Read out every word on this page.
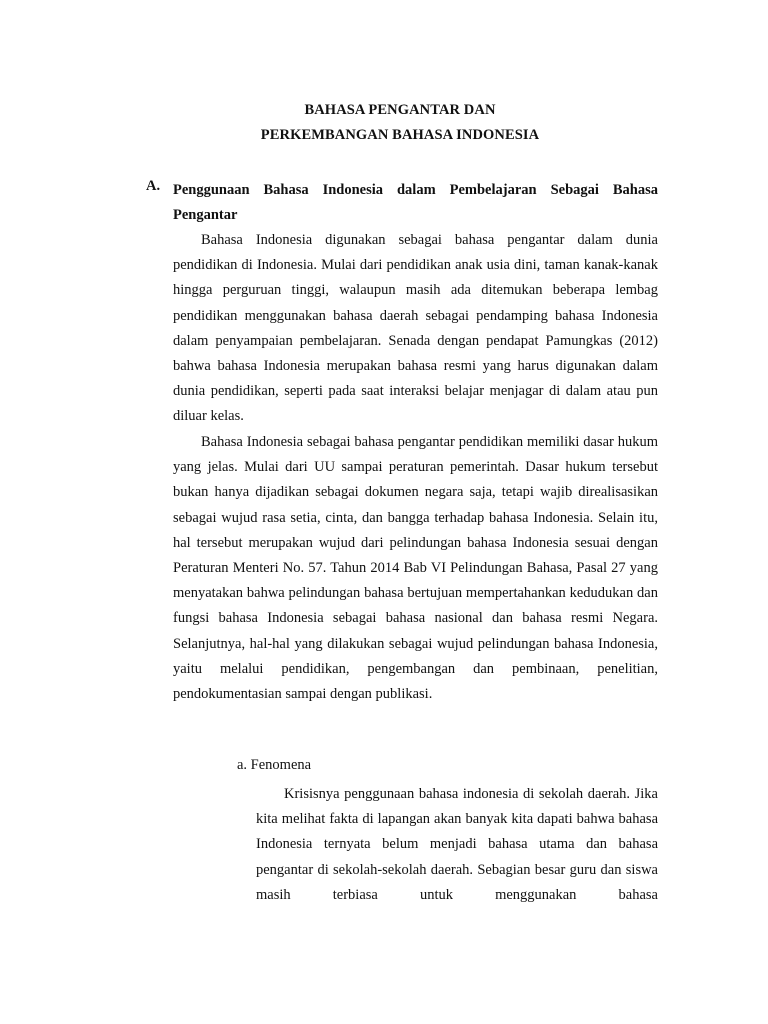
BAHASA PENGANTAR DAN
PERKEMBANGAN BAHASA INDONESIA
A. Penggunaan Bahasa Indonesia dalam Pembelajaran Sebagai Bahasa Pengantar

Bahasa Indonesia digunakan sebagai bahasa pengantar dalam dunia pendidikan di Indonesia. Mulai dari pendidikan anak usia dini, taman kanak-kanak hingga perguruan tinggi, walaupun masih ada ditemukan beberapa lembag pendidikan menggunakan bahasa daerah sebagai pendamping bahasa Indonesia dalam penyampaian pembelajaran. Senada dengan pendapat Pamungkas (2012) bahwa bahasa Indonesia merupakan bahasa resmi yang harus digunakan dalam dunia pendidikan, seperti pada saat interaksi belajar menjagar di dalam atau pun diluar kelas.

Bahasa Indonesia sebagai bahasa pengantar pendidikan memiliki dasar hukum yang jelas. Mulai dari UU sampai peraturan pemerintah. Dasar hukum tersebut bukan hanya dijadikan sebagai dokumen negara saja, tetapi wajib direalisasikan sebagai wujud rasa setia, cinta, dan bangga terhadap bahasa Indonesia. Selain itu, hal tersebut merupakan wujud dari pelindungan bahasa Indonesia sesuai dengan Peraturan Menteri No. 57. Tahun 2014 Bab VI Pelindungan Bahasa, Pasal 27 yang menyatakan bahwa pelindungan bahasa bertujuan mempertahankan kedudukan dan fungsi bahasa Indonesia sebagai bahasa nasional dan bahasa resmi Negara. Selanjutnya, hal-hal yang dilakukan sebagai wujud pelindungan bahasa Indonesia, yaitu melalui pendidikan, pengembangan dan pembinaan, penelitian, pendokumentasian sampai dengan publikasi.

a. Fenomena

Krisisnya penggunaan bahasa indonesia di sekolah daerah. Jika kita melihat fakta di lapangan akan banyak kita dapati bahwa bahasa Indonesia ternyata belum menjadi bahasa utama dan bahasa pengantar di sekolah-sekolah daerah. Sebagian besar guru dan siswa masih terbiasa untuk menggunakan bahasa
